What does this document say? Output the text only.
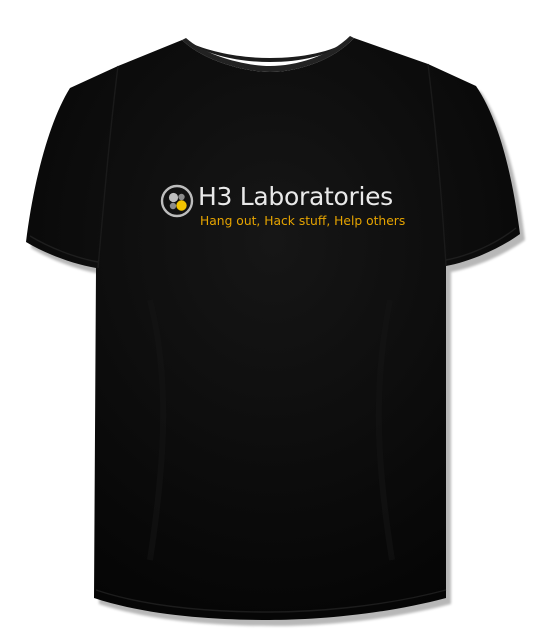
H3 Laboratories
Hang out, Hack stuff, Help others
